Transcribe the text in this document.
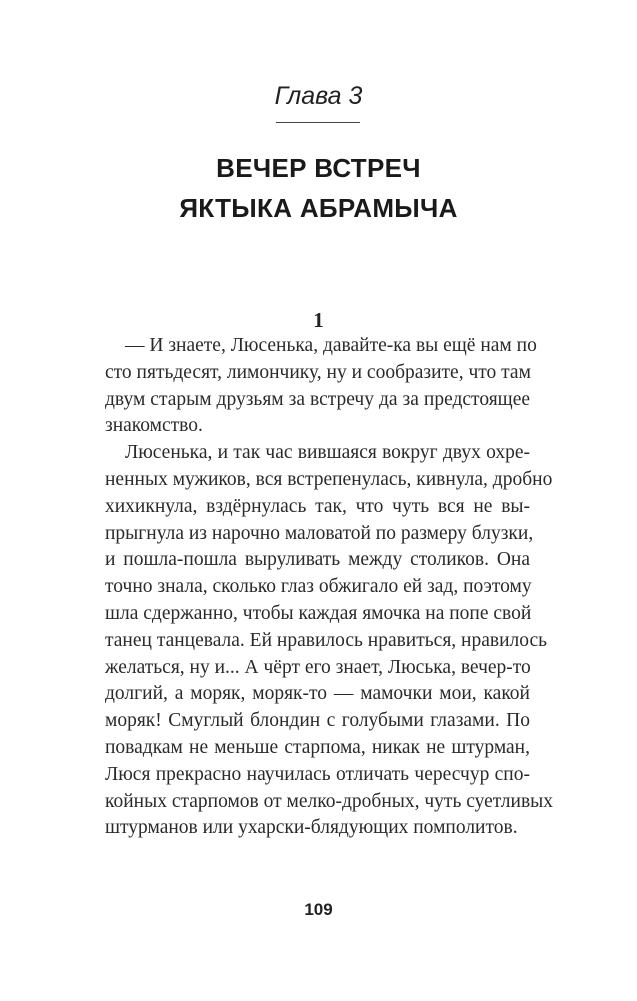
Глава 3
ВЕЧЕР ВСТРЕЧ
ЯКТЫКА АБРАМЫЧА
1
— И знаете, Люсенька, давайте-ка вы ещё нам по
сто пятьдесят, лимончику, ну и сообразите, что там
двум старым друзьям за встречу да за предстоящее
знакомство.
Люсенька, и так час вившаяся вокруг двух охре-
ненных мужиков, вся встрепенулась, кивнула, дробно
хихикнула, вздёрнулась так, что чуть вся не вы-
прыгнула из нарочно маловатой по размеру блузки,
и пошла-пошла выруливать между столиков. Она
точно знала, сколько глаз обжигало ей зад, поэтому
шла сдержанно, чтобы каждая ямочка на попе свой
танец танцевала. Ей нравилось нравиться, нравилось
желаться, ну и... А чёрт его знает, Люська, вечер-то
долгий, а моряк, моряк-то — мамочки мои, какой
моряк! Смуглый блондин с голубыми глазами. По
повадкам не меньше старпома, никак не штурман,
Люся прекрасно научилась отличать чересчур спо-
койных старпомов от мелко-дробных, чуть суетливых
штурманов или ухарски-блядующих помполитов.
109
